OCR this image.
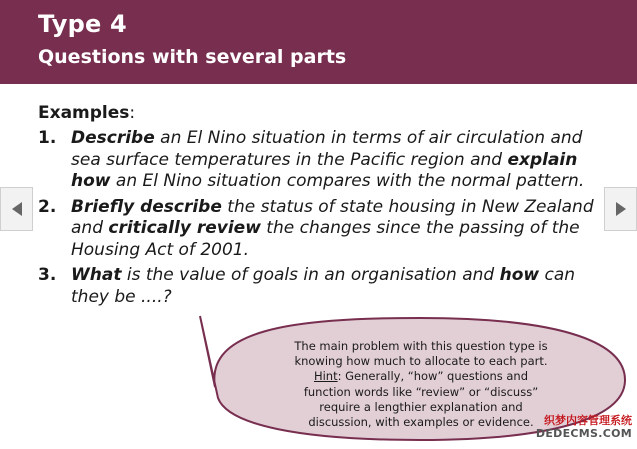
Type 4
Questions with several parts
Examples:
1. Describe an El Nino situation in terms of air circulation and sea surface temperatures in the Pacific region and explain how an El Nino situation compares with the normal pattern.
2. Briefly describe the status of state housing in New Zealand and critically review the changes since the passing of the Housing Act of 2001.
3. What is the value of goals in an organisation and how can they be ....?
The main problem with this question type is
knowing how much to allocate to each part.
Hint: Generally, “how” questions and
function words like “review” or “discuss”
require a lengthier explanation and
discussion, with examples or evidence. 织梦内容管理系统
DEDECMS.COM
